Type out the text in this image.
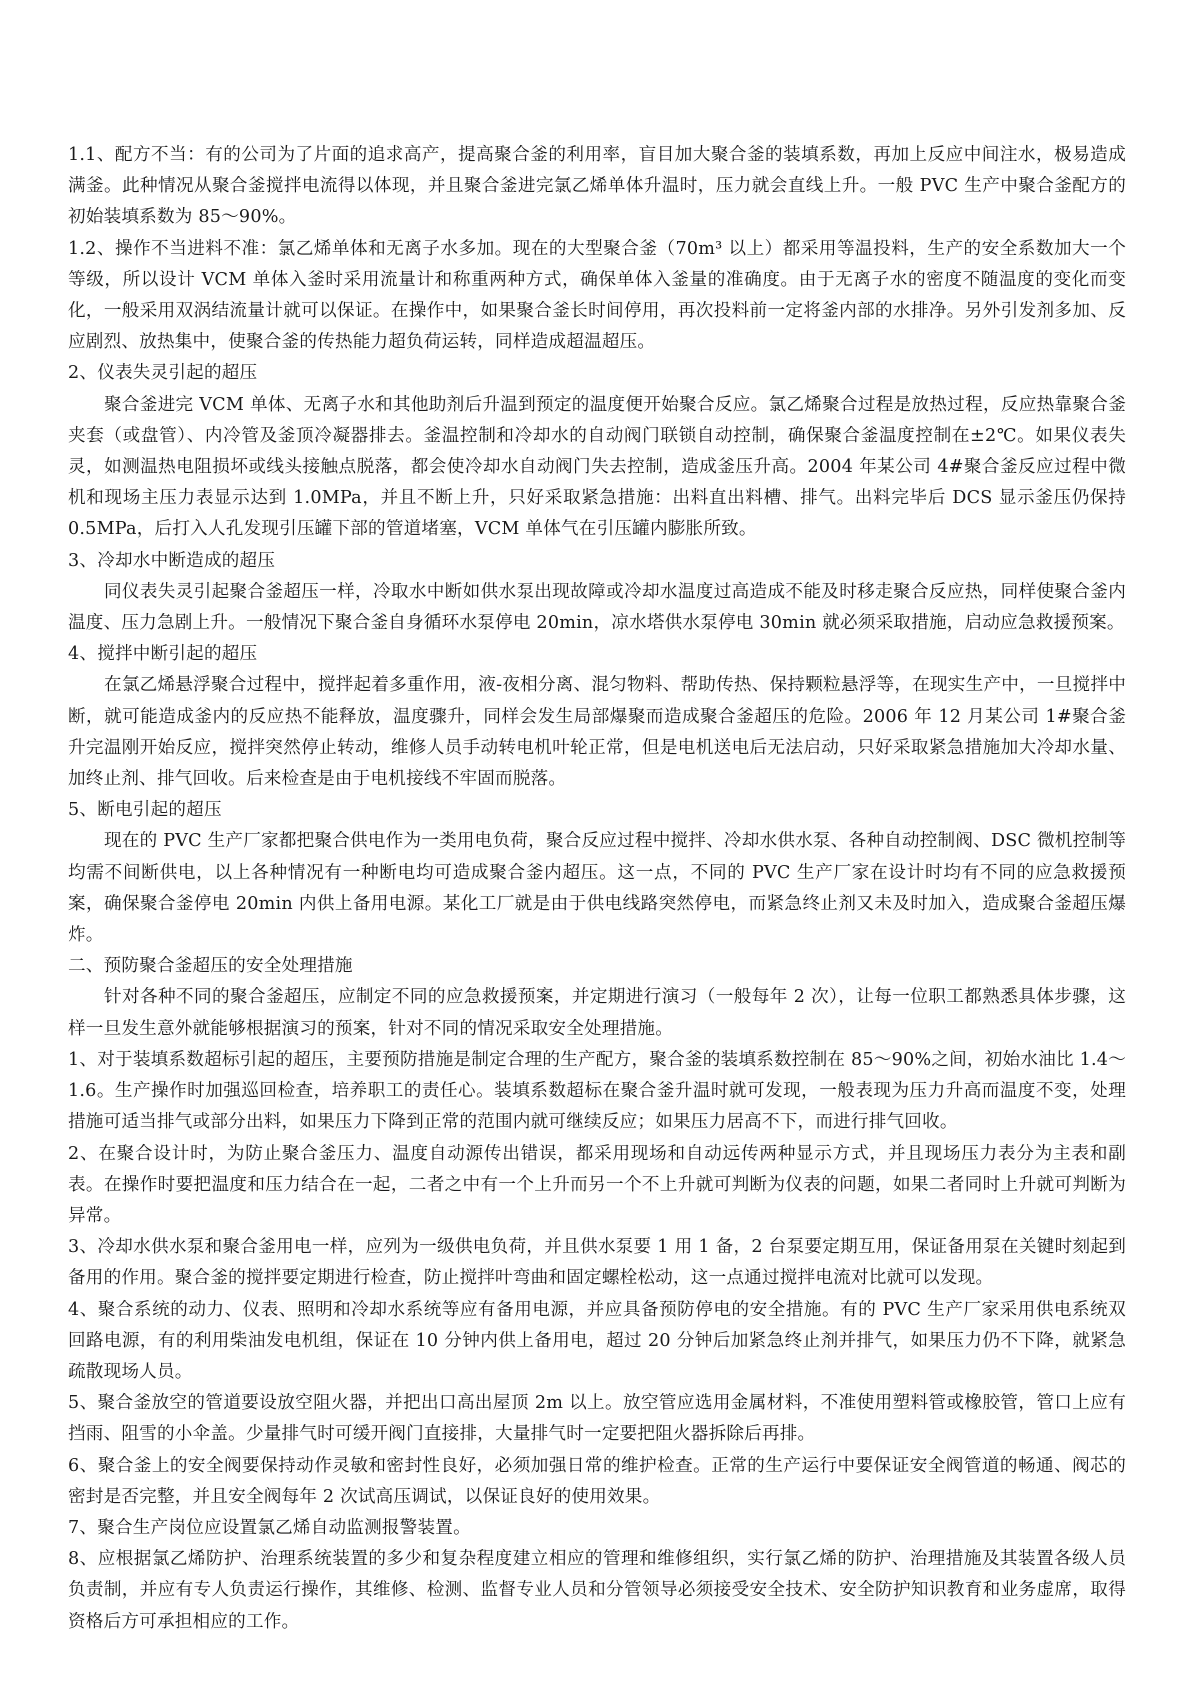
1.1、配方不当：有的公司为了片面的追求高产，提高聚合釜的利用率，盲目加大聚合釜的装填系数，再加上反应中间注水，极易造成满釜。此种情况从聚合釜搅拌电流得以体现，并且聚合釜进完氯乙烯单体升温时，压力就会直线上升。一般 PVC 生产中聚合釜配方的初始装填系数为 85～90%。

1.2、操作不当进料不准：氯乙烯单体和无离子水多加。现在的大型聚合釜（70m³ 以上）都采用等温投料，生产的安全系数加大一个等级，所以设计 VCM 单体入釜时采用流量计和称重两种方式，确保单体入釜量的准确度。由于无离子水的密度不随温度的变化而变化，一般采用双涡结流量计就可以保证。在操作中，如果聚合釜长时间停用，再次投料前一定将釜内部的水排净。另外引发剂多加、反应剧烈、放热集中，使聚合釜的传热能力超负荷运转，同样造成超温超压。

2、仪表失灵引起的超压

聚合釜进完 VCM 单体、无离子水和其他助剂后升温到预定的温度便开始聚合反应。氯乙烯聚合过程是放热过程，反应热靠聚合釜夹套（或盘管）、内冷管及釜顶冷凝器排去。釜温控制和冷却水的自动阀门联锁自动控制，确保聚合釜温度控制在±2℃。如果仪表失灵，如测温热电阻损坏或线头接触点脱落，都会使冷却水自动阀门失去控制，造成釜压升高。2004 年某公司 4#聚合釜反应过程中微机和现场主压力表显示达到 1.0MPa，并且不断上升，只好采取紧急措施：出料直出料槽、排气。出料完毕后 DCS 显示釜压仍保持 0.5MPa，后打入人孔发现引压罐下部的管道堵塞，VCM 单体气在引压罐内膨胀所致。

3、冷却水中断造成的超压

同仪表失灵引起聚合釜超压一样，冷取水中断如供水泵出现故障或冷却水温度过高造成不能及时移走聚合反应热，同样使聚合釜内温度、压力急剧上升。一般情况下聚合釜自身循环水泵停电 20min，凉水塔供水泵停电 30min 就必须采取措施，启动应急救援预案。

4、搅拌中断引起的超压

在氯乙烯悬浮聚合过程中，搅拌起着多重作用，液-夜相分离、混匀物料、帮助传热、保持颗粒悬浮等，在现实生产中，一旦搅拌中断，就可能造成釜内的反应热不能释放，温度骤升，同样会发生局部爆聚而造成聚合釜超压的危险。2006 年 12 月某公司 1#聚合釜升完温刚开始反应，搅拌突然停止转动，维修人员手动转电机叶轮正常，但是电机送电后无法启动，只好采取紧急措施加大冷却水量、加终止剂、排气回收。后来检查是由于电机接线不牢固而脱落。

5、断电引起的超压

现在的 PVC 生产厂家都把聚合供电作为一类用电负荷，聚合反应过程中搅拌、冷却水供水泵、各种自动控制阀、DSC 微机控制等均需不间断供电，以上各种情况有一种断电均可造成聚合釜内超压。这一点，不同的 PVC 生产厂家在设计时均有不同的应急救援预案，确保聚合釜停电 20min 内供上备用电源。某化工厂就是由于供电线路突然停电，而紧急终止剂又未及时加入，造成聚合釜超压爆炸。

二、预防聚合釜超压的安全处理措施

针对各种不同的聚合釜超压，应制定不同的应急救援预案，并定期进行演习（一般每年 2 次），让每一位职工都熟悉具体步骤，这样一旦发生意外就能够根据演习的预案，针对不同的情况采取安全处理措施。

1、对于装填系数超标引起的超压，主要预防措施是制定合理的生产配方，聚合釜的装填系数控制在 85～90%之间，初始水油比 1.4～1.6。生产操作时加强巡回检查，培养职工的责任心。装填系数超标在聚合釜升温时就可发现，一般表现为压力升高而温度不变，处理措施可适当排气或部分出料，如果压力下降到正常的范围内就可继续反应；如果压力居高不下，而进行排气回收。

2、在聚合设计时，为防止聚合釜压力、温度自动源传出错误，都采用现场和自动远传两种显示方式，并且现场压力表分为主表和副表。在操作时要把温度和压力结合在一起，二者之中有一个上升而另一个不上升就可判断为仪表的问题，如果二者同时上升就可判断为异常。

3、冷却水供水泵和聚合釜用电一样，应列为一级供电负荷，并且供水泵要 1 用 1 备，2 台泵要定期互用，保证备用泵在关键时刻起到备用的作用。聚合釜的搅拌要定期进行检查，防止搅拌叶弯曲和固定螺栓松动，这一点通过搅拌电流对比就可以发现。

4、聚合系统的动力、仪表、照明和冷却水系统等应有备用电源，并应具备预防停电的安全措施。有的 PVC 生产厂家采用供电系统双回路电源，有的利用柴油发电机组，保证在 10 分钟内供上备用电，超过 20 分钟后加紧急终止剂并排气，如果压力仍不下降，就紧急疏散现场人员。

5、聚合釜放空的管道要设放空阻火器，并把出口高出屋顶 2m 以上。放空管应选用金属材料，不准使用塑料管或橡胶管，管口上应有挡雨、阻雪的小伞盖。少量排气时可缓开阀门直接排，大量排气时一定要把阻火器拆除后再排。

6、聚合釜上的安全阀要保持动作灵敏和密封性良好，必须加强日常的维护检查。正常的生产运行中要保证安全阀管道的畅通、阀芯的密封是否完整，并且安全阀每年 2 次试高压调试，以保证良好的使用效果。

7、聚合生产岗位应设置氯乙烯自动监测报警装置。

8、应根据氯乙烯防护、治理系统装置的多少和复杂程度建立相应的管理和维修组织，实行氯乙烯的防护、治理措施及其装置各级人员负责制，并应有专人负责运行操作，其维修、检测、监督专业人员和分管领导必须接受安全技术、安全防护知识教育和业务虚席，取得资格后方可承担相应的工作。
